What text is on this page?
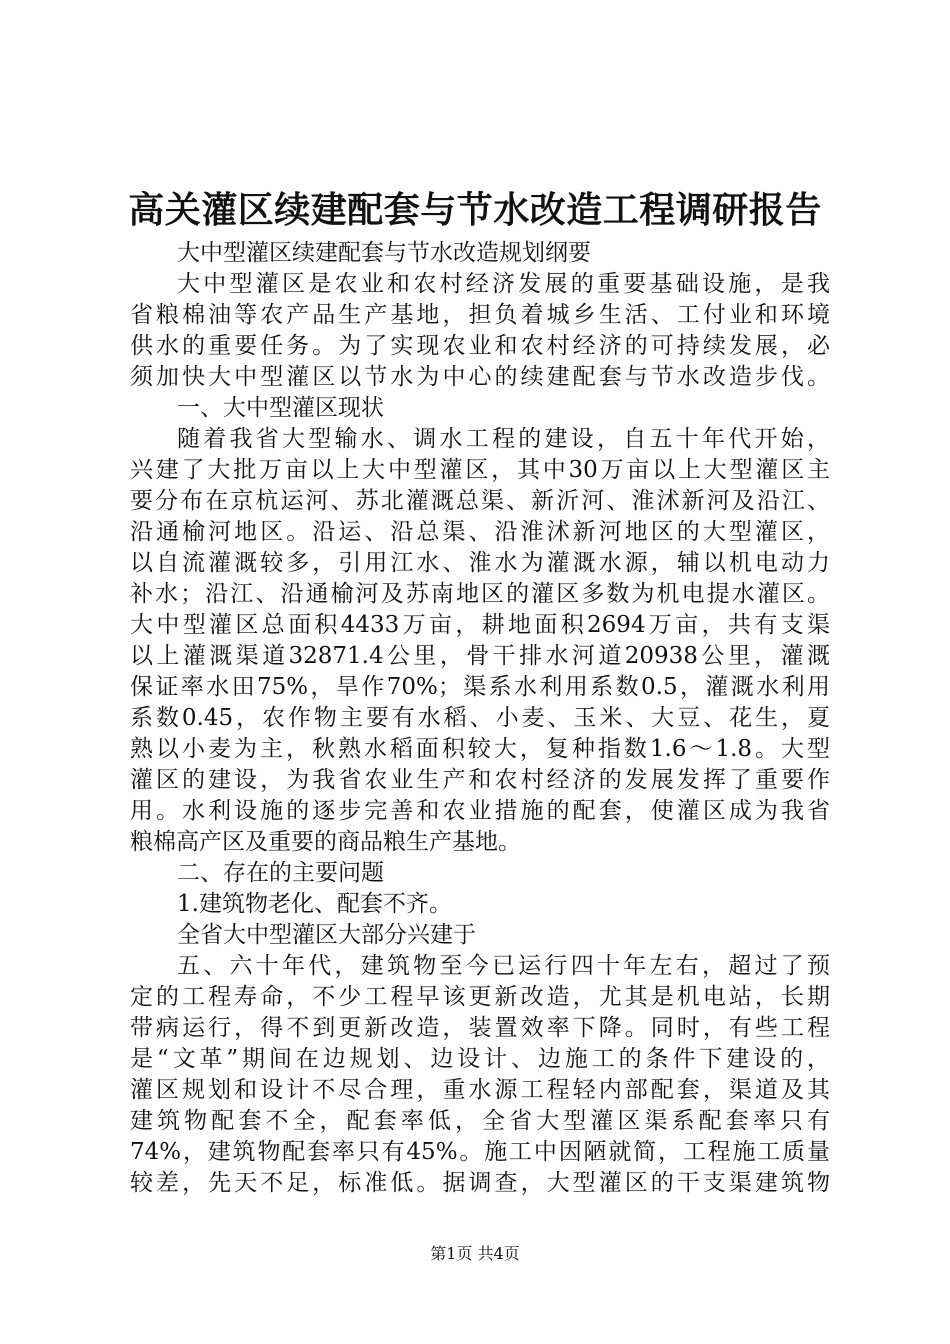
高关灌区续建配套与节水改造工程调研报告
大中型灌区续建配套与节水改造规划纲要
大中型灌区是农业和农村经济发展的重要基础设施，是我
省粮棉油等农产品生产基地，担负着城乡生活、工付业和环境
供水的重要任务。为了实现农业和农村经济的可持续发展，必
须加快大中型灌区以节水为中心的续建配套与节水改造步伐。
一、大中型灌区现状
随着我省大型输水、调水工程的建设，自五十年代开始，
兴建了大批万亩以上大中型灌区，其中30万亩以上大型灌区主
要分布在京杭运河、苏北灌溉总渠、新沂河、淮沭新河及沿江、
沿通榆河地区。沿运、沿总渠、沿淮沭新河地区的大型灌区，
以自流灌溉较多，引用江水、淮水为灌溉水源，辅以机电动力
补水；沿江、沿通榆河及苏南地区的灌区多数为机电提水灌区。
大中型灌区总面积4433万亩，耕地面积2694万亩，共有支渠
以上灌溉渠道32871.4公里，骨干排水河道20938公里，灌溉
保证率水田75%，旱作70%；渠系水利用系数0.5，灌溉水利用
系数0.45，农作物主要有水稻、小麦、玉米、大豆、花生，夏
熟以小麦为主，秋熟水稻面积较大，复种指数1.6～1.8。大型
灌区的建设，为我省农业生产和农村经济的发展发挥了重要作
用。水利设施的逐步完善和农业措施的配套，使灌区成为我省
粮棉高产区及重要的商品粮生产基地。
二、存在的主要问题
1.建筑物老化、配套不齐。
全省大中型灌区大部分兴建于
五、六十年代，建筑物至今已运行四十年左右，超过了预
定的工程寿命，不少工程早该更新改造，尤其是机电站，长期
带病运行，得不到更新改造，装置效率下降。同时，有些工程
是“文革”期间在边规划、边设计、边施工的条件下建设的，
灌区规划和设计不尽合理，重水源工程轻内部配套，渠道及其
建筑物配套不全，配套率低，全省大型灌区渠系配套率只有
74%，建筑物配套率只有45%。施工中因陋就简，工程施工质量
较差，先天不足，标准低。据调查，大型灌区的干支渠建筑物
第1页 共4页
